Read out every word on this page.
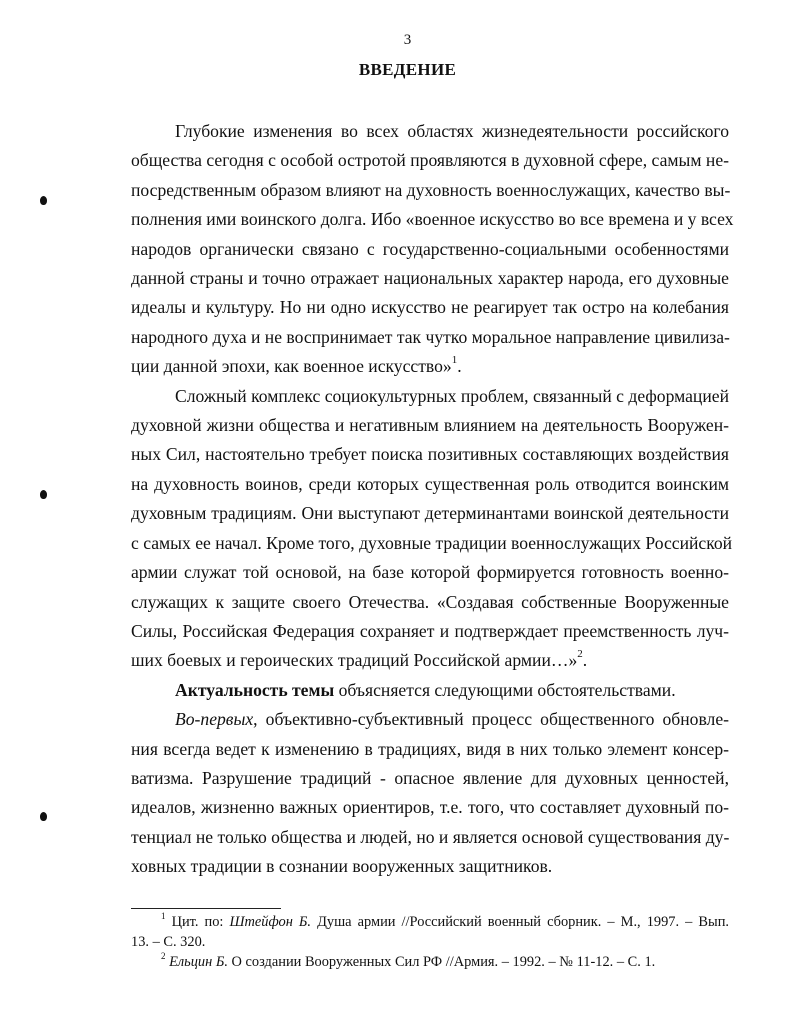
3
ВВЕДЕНИЕ

Глубокие изменения во всех областях жизнедеятельности российского
общества сегодня с особой остротой проявляются в духовной сфере, самым не-
посредственным образом влияют на духовность военнослужащих, качество вы-
полнения ими воинского долга. Ибо «военное искусство во все времена и у всех
народов органически связано с государственно-социальными особенностями
данной страны и точно отражает национальных характер народа, его духовные
идеалы и культуру. Но ни одно искусство не реагирует так остро на колебания
народного духа и не воспринимает так чутко моральное направление цивилиза-
ции данной эпохи, как военное искусство»$^1$.

Сложный комплекс социокультурных проблем, связанный с деформацией
духовной жизни общества и негативным влиянием на деятельность Вооружен-
ных Сил, настоятельно требует поиска позитивных составляющих воздействия
на духовность воинов, среди которых существенная роль отводится воинским
духовным традициям. Они выступают детерминантами воинской деятельности
с самых ее начал. Кроме того, духовные традиции военнослужащих Российской
армии служат той основой, на базе которой формируется готовность военно-
служащих к защите своего Отечества. «Создавая собственные Вооруженные
Силы, Российская Федерация сохраняет и подтверждает преемственность луч-
ших боевых и героических традиций Российской армии…»$^2$.

Актуальность темы объясняется следующими обстоятельствами.

Во-первых, объективно-субъективный процесс общественного обновле-
ния всегда ведет к изменению в традициях, видя в них только элемент консер-
ватизма. Разрушение традиций - опасное явление для духовных ценностей,
идеалов, жизненно важных ориентиров, т.е. того, что составляет духовный по-
тенциал не только общества и людей, но и является основой существования ду-
ховных традиции в сознании вооруженных защитников.

$^1$ Цит. по: Штейфон Б. Душа армии //Российский военный сборник. – М., 1997. – Вып.
13. – С. 320.

$^2$ Ельцин Б. О создании Вооруженных Сил РФ //Армия. – 1992. – № 11-12. – С. 1.
